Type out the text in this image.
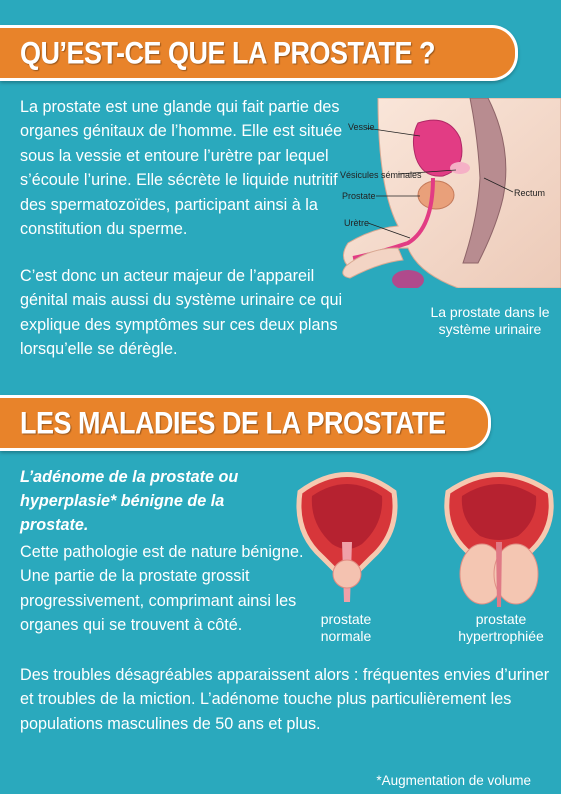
QU’EST-CE QUE LA PROSTATE ?

La prostate est une glande qui fait partie des organes génitaux de l’homme. Elle est située sous la vessie et entoure l’urètre par lequel s’écoule l’urine. Elle sécrète le liquide nutritif des spermatozoïdes, participant ainsi à la constitution du sperme.

C’est donc un acteur majeur de l’appareil génital mais aussi du système urinaire ce qui explique des symptômes sur ces deux plans lorsqu’elle se dérègle.

Vessie
Vésicules séminales
Prostate
Urètre
Rectum

La prostate dans le système urinaire

LES MALADIES DE LA PROSTATE

L’adénome de la prostate ou hyperplasie* bénigne de la prostate.

Cette pathologie est de nature bénigne. Une partie de la prostate grossit progressivement, comprimant ainsi les organes qui se trouvent à côté.

Des troubles désagréables apparaissent alors : fréquentes envies d’uriner et troubles de la miction. L’adénome touche plus particulièrement les populations masculines de 50 ans et plus.

prostate normale

prostate hypertrophiée

*Augmentation de volume
